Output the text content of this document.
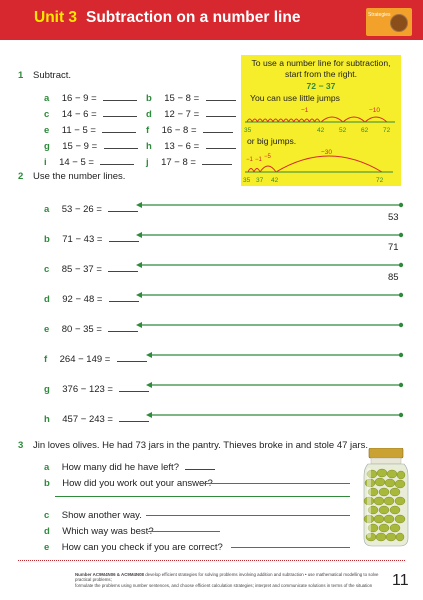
Unit 3 Subtraction on a number line	Strategies
1 Subtract.
a 16 − 9 =	b 15 − 8 =
c 14 − 6 =	d 12 − 7 =
e 11 − 5 =	f 16 − 8 =
g 15 − 9 =	h 13 − 6 =
i 14 − 5 =	j 17 − 8 =
To use a number line for subtraction,
start from the right.
72 − 37
You can use little jumps
−1	−10
35	42 52 62 72
or big jumps.
−1 −1 −5
−30
35 37 42	72
2 Use the number lines.
a 53 − 26 =
53
b 71 − 43 =
71
c 85 − 37 =
85
d 92 − 48 =
e 80 − 35 =
f 264 − 149 =
g 376 − 123 =
h 457 − 243 =
3 Jin loves olives. He had 73 jars in the pantry. Thieves broke in and stole 47 jars.
a How many did he have left?
b How did you work out your answer?
c Show another way.
d Which way was best?
e How can you check if you are correct?
Number AC9M4N06 & AC9M4N08 develop efficient strategies for solving problems involving addition and subtraction • use mathematical modelling to solve practical problems;
formulate the problems using number sentences, and choose efficient calculation strategies; interpret and communicate solutions in terms of the situation	11
